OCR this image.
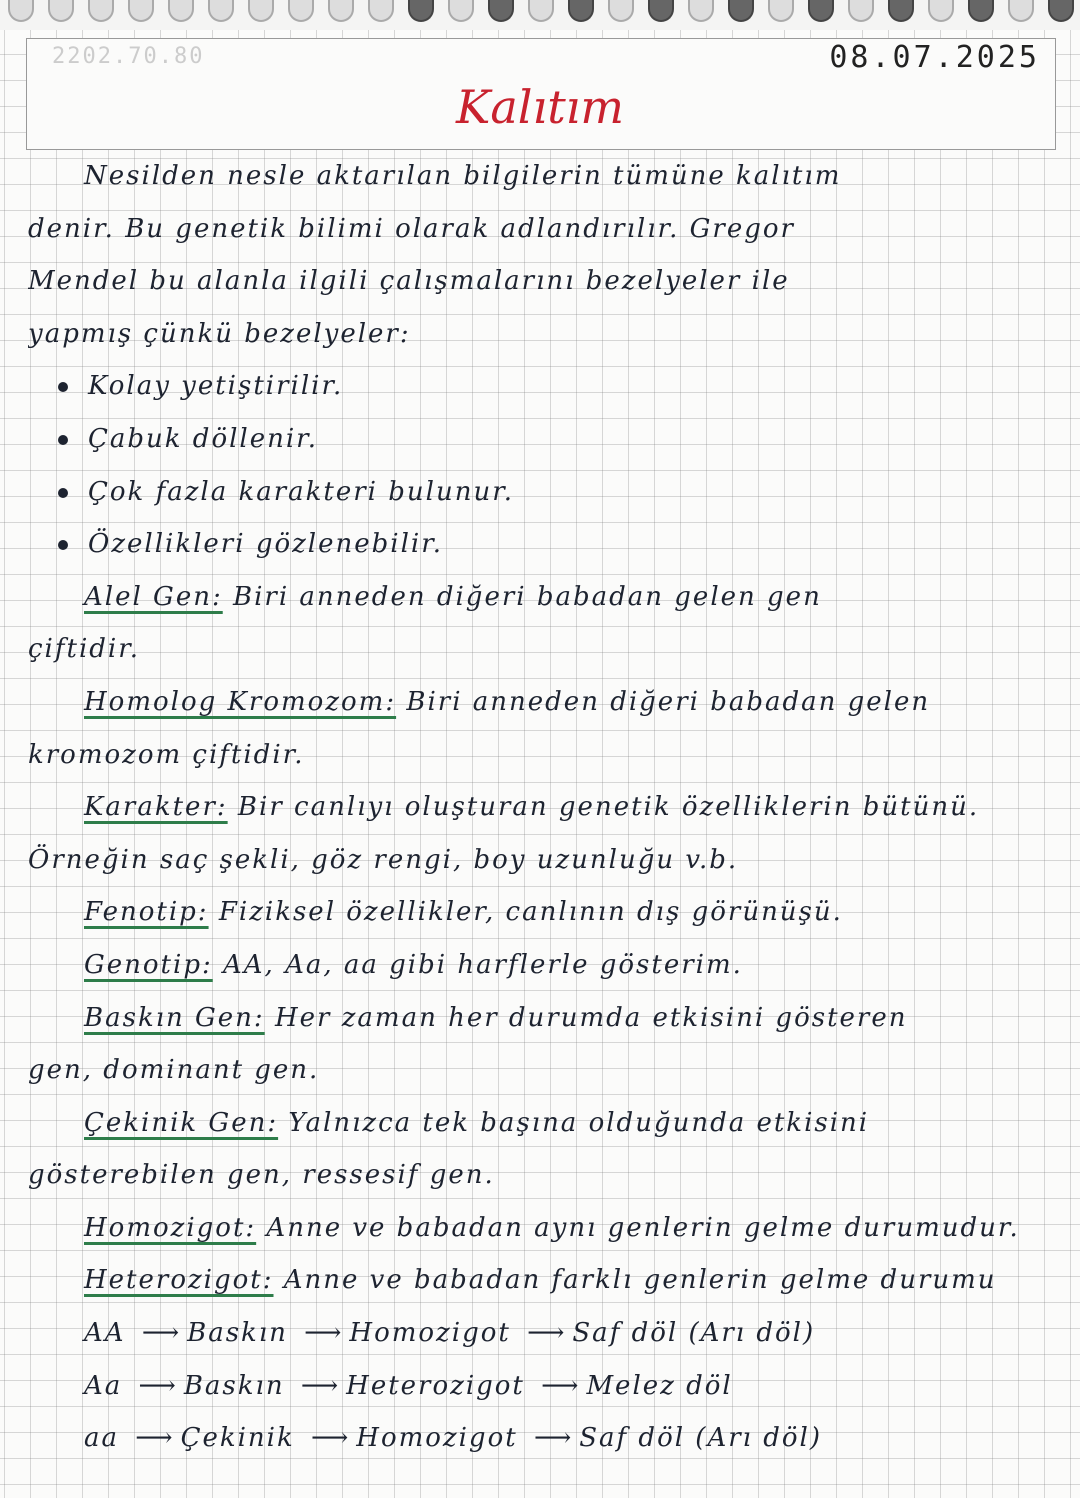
2202.70.80	08.07.2025
Kalıtım
Nesilden nesle aktarılan bilgilerin tümüne kalıtım
denir. Bu genetik bilimi olarak adlandırılır. Gregor
Mendel bu alanla ilgili çalışmalarını bezelyeler ile
yapmış çünkü bezelyeler:
Kolay yetiştirilir.
Çabuk döllenir.
Çok fazla karakteri bulunur.
Özellikleri gözlenebilir.
Alel Gen: Biri anneden diğeri babadan gelen gen
çiftidir.
Homolog Kromozom: Biri anneden diğeri babadan gelen
kromozom çiftidir.
Karakter: Bir canlıyı oluşturan genetik özelliklerin bütünü.
Örneğin saç şekli, göz rengi, boy uzunluğu v.b.
Fenotip: Fiziksel özellikler, canlının dış görünüşü.
Genotip: AA, Aa, aa gibi harflerle gösterim.
Baskın Gen: Her zaman her durumda etkisini gösteren
gen, dominant gen.
Çekinik Gen: Yalnızca tek başına olduğunda etkisini
gösterebilen gen, ressesif gen.
Homozigot: Anne ve babadan aynı genlerin gelme durumudur.
Heterozigot: Anne ve babadan farklı genlerin gelme durumu
AA ⟶ Baskın ⟶ Homozigot ⟶ Saf döl (Arı döl)
Aa ⟶ Baskın ⟶ Heterozigot ⟶ Melez döl
aa ⟶ Çekinik ⟶ Homozigot ⟶ Saf döl (Arı döl)
